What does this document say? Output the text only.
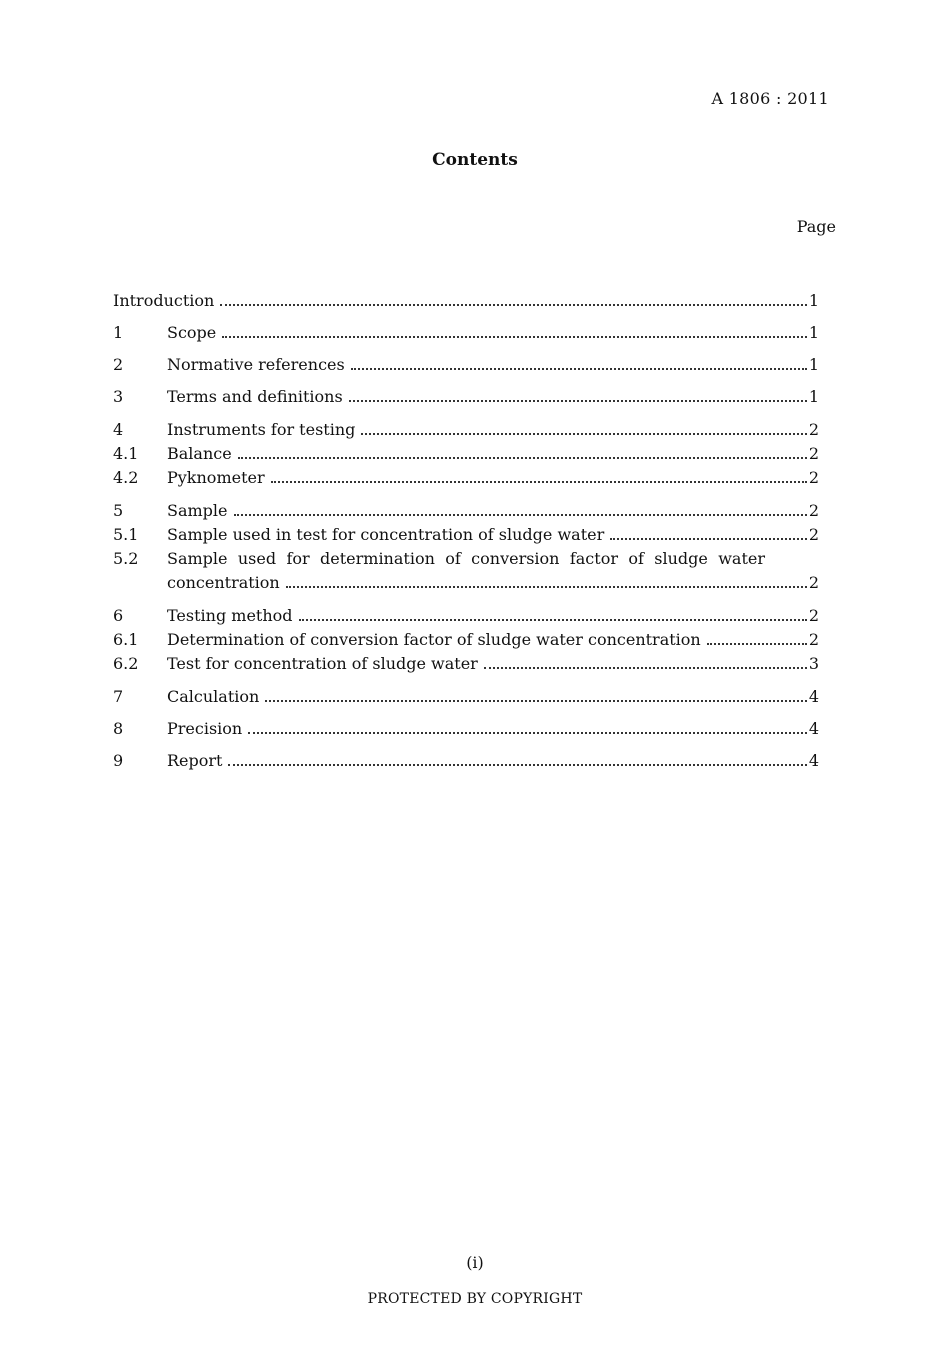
A 1806 : 2011
Contents
Page
Introduction	1
1	Scope	1
2	Normative references	1
3	Terms and definitions	1
4	Instruments for testing	2
4.1	Balance	2
4.2	Pyknometer	2
5	Sample	2
5.1	Sample used in test for concentration of sludge water	2
5.2	Sample used for determination of conversion factor of sludge water
concentration	2
6	Testing method	2
6.1	Determination of conversion factor of sludge water concentration	2
6.2	Test for concentration of sludge water	3
7	Calculation	4
8	Precision	4
9	Report	4
(i)
PROTECTED BY COPYRIGHT
